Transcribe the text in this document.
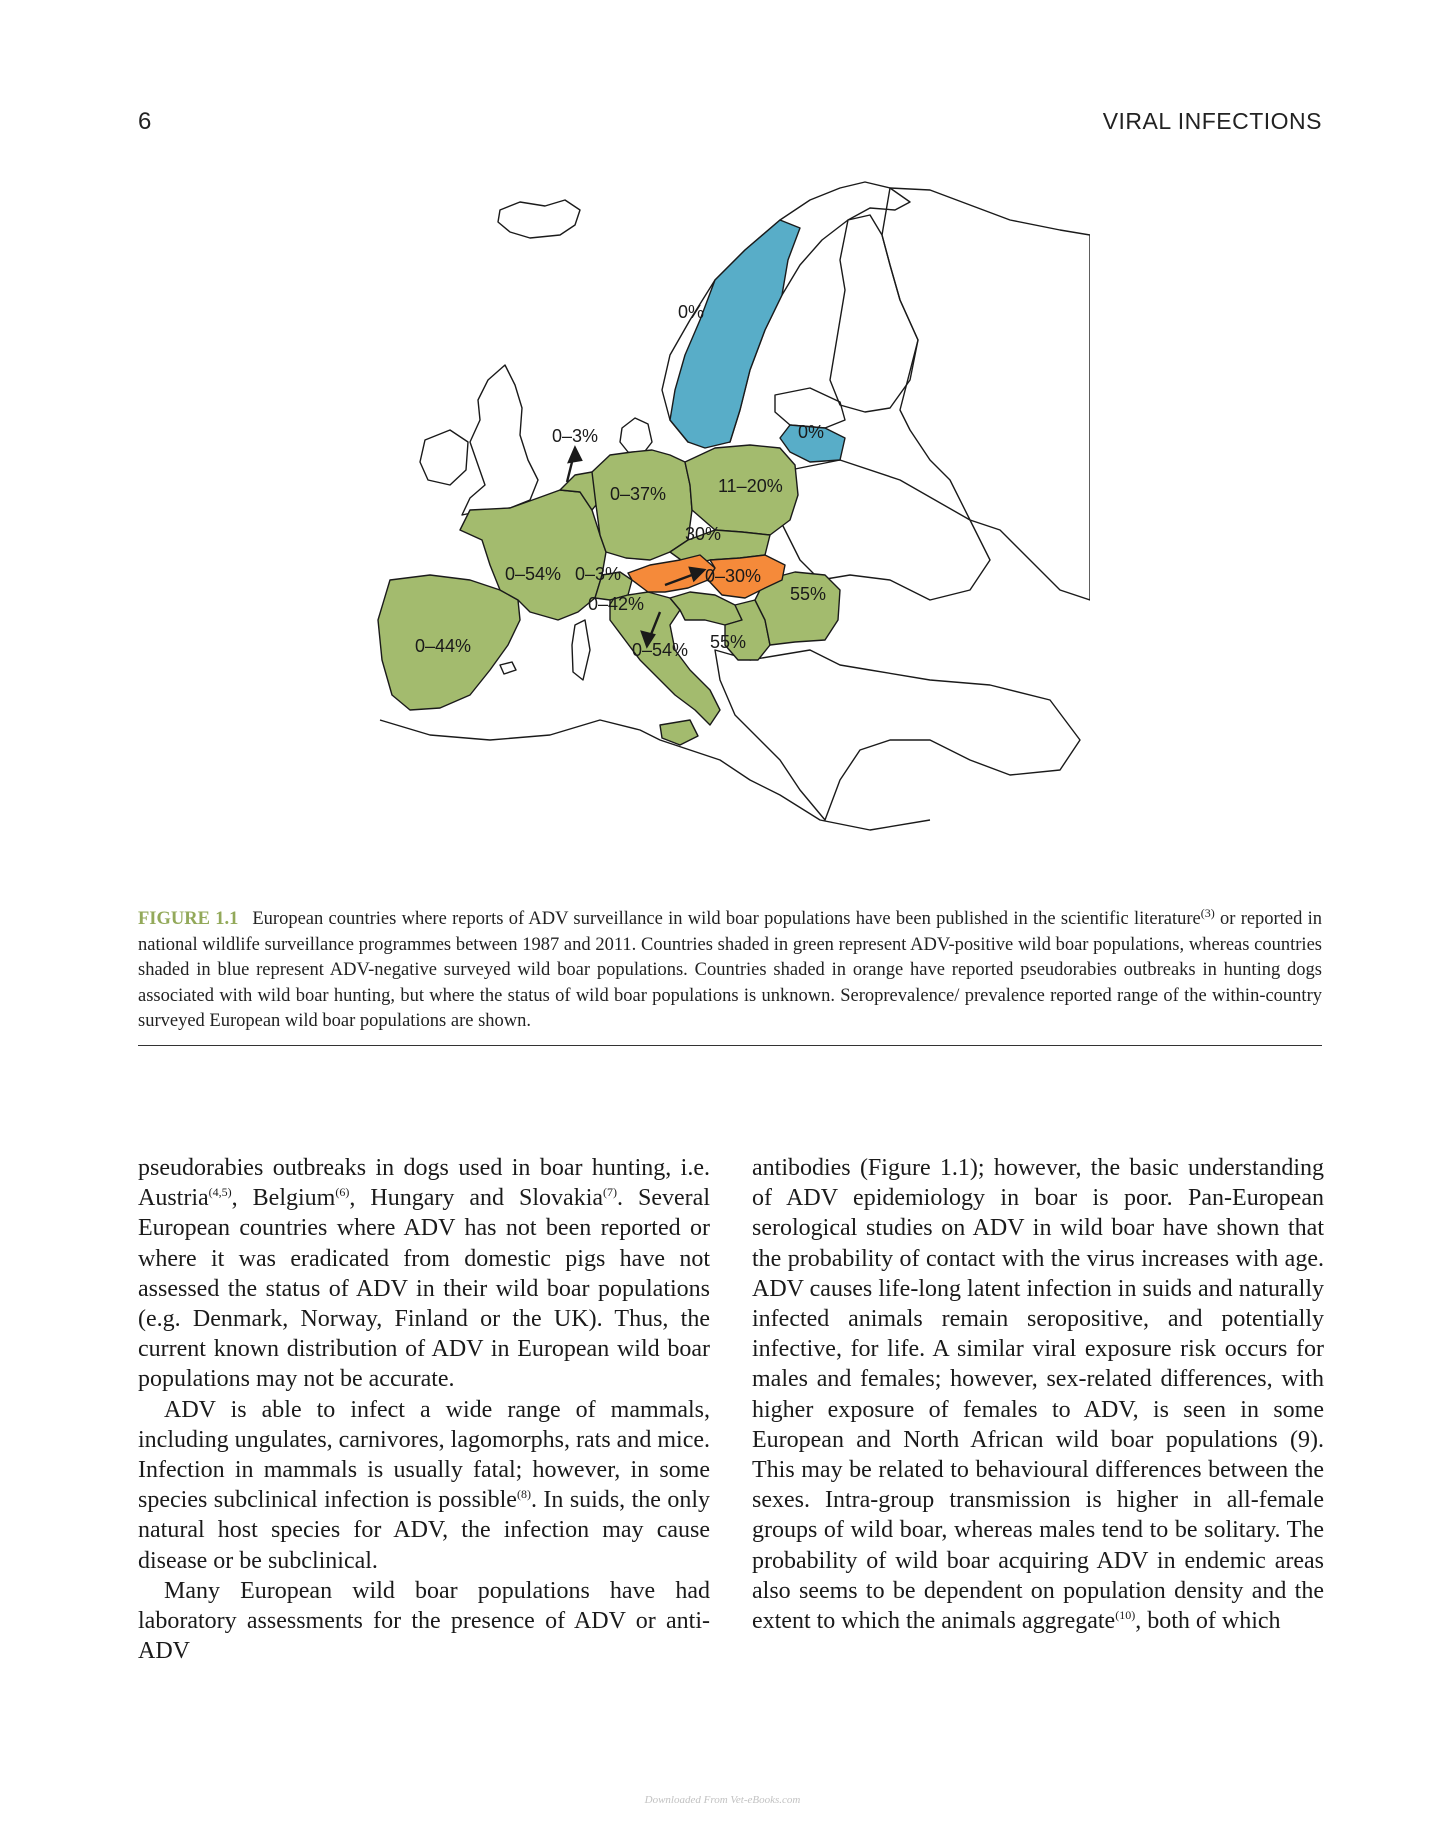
6	VIRAL INFECTIONS
0%
0%
0–3%
0–37%	11–20%
30%
0–54% 0–3%	0–30%
55%
0–42%
0–54% 55%
0–44%
FIGURE 1.1 European countries where reports of ADV surveillance in wild boar populations have been published in the scientific literature$^{(3)}$ or reported in national wildlife surveillance programmes between 1987 and 2011. Countries shaded in green represent ADV-positive wild boar populations, whereas countries shaded in blue represent ADV-negative surveyed wild boar populations. Countries shaded in orange have reported pseudorabies outbreaks in hunting dogs associated with wild boar hunting, but where the status of wild boar populations is unknown. Seroprevalence/ prevalence reported range of the within-country surveyed European wild boar populations are shown.

pseudorabies outbreaks in dogs used in boar hunting, i.e. Austria$^{(4,5)}$, Belgium$^{(6)}$, Hungary and Slovakia$^{(7)}$. Several European countries where ADV has not been reported or where it was eradicated from domestic pigs have not assessed the status of ADV in their wild boar populations (e.g. Denmark, Norway, Finland or the UK). Thus, the current known distribution of ADV in European wild boar populations may not be accurate.

ADV is able to infect a wide range of mammals, including ungulates, carnivores, lagomorphs, rats and mice. Infection in mammals is usually fatal; however, in some species subclinical infection is possible$^{(8)}$. In suids, the only natural host species for ADV, the infection may cause disease or be subclinical.

Many European wild boar populations have had laboratory assessments for the presence of ADV or anti-ADV

antibodies (Figure 1.1); however, the basic understanding of ADV epidemiology in boar is poor. Pan-European serological studies on ADV in wild boar have shown that the probability of contact with the virus increases with age. ADV causes life-long latent infection in suids and naturally infected animals remain seropositive, and potentially infective, for life. A similar viral exposure risk occurs for males and females; however, sex-related differences, with higher exposure of females to ADV, is seen in some European and North African wild boar populations (9). This may be related to behavioural differences between the sexes. Intra-group transmission is higher in all-female groups of wild boar, whereas males tend to be solitary. The probability of wild boar acquiring ADV in endemic areas also seems to be dependent on population density and the extent to which the animals aggregate$^{(10)}$, both of which

Downloaded From Vet-eBooks.com
